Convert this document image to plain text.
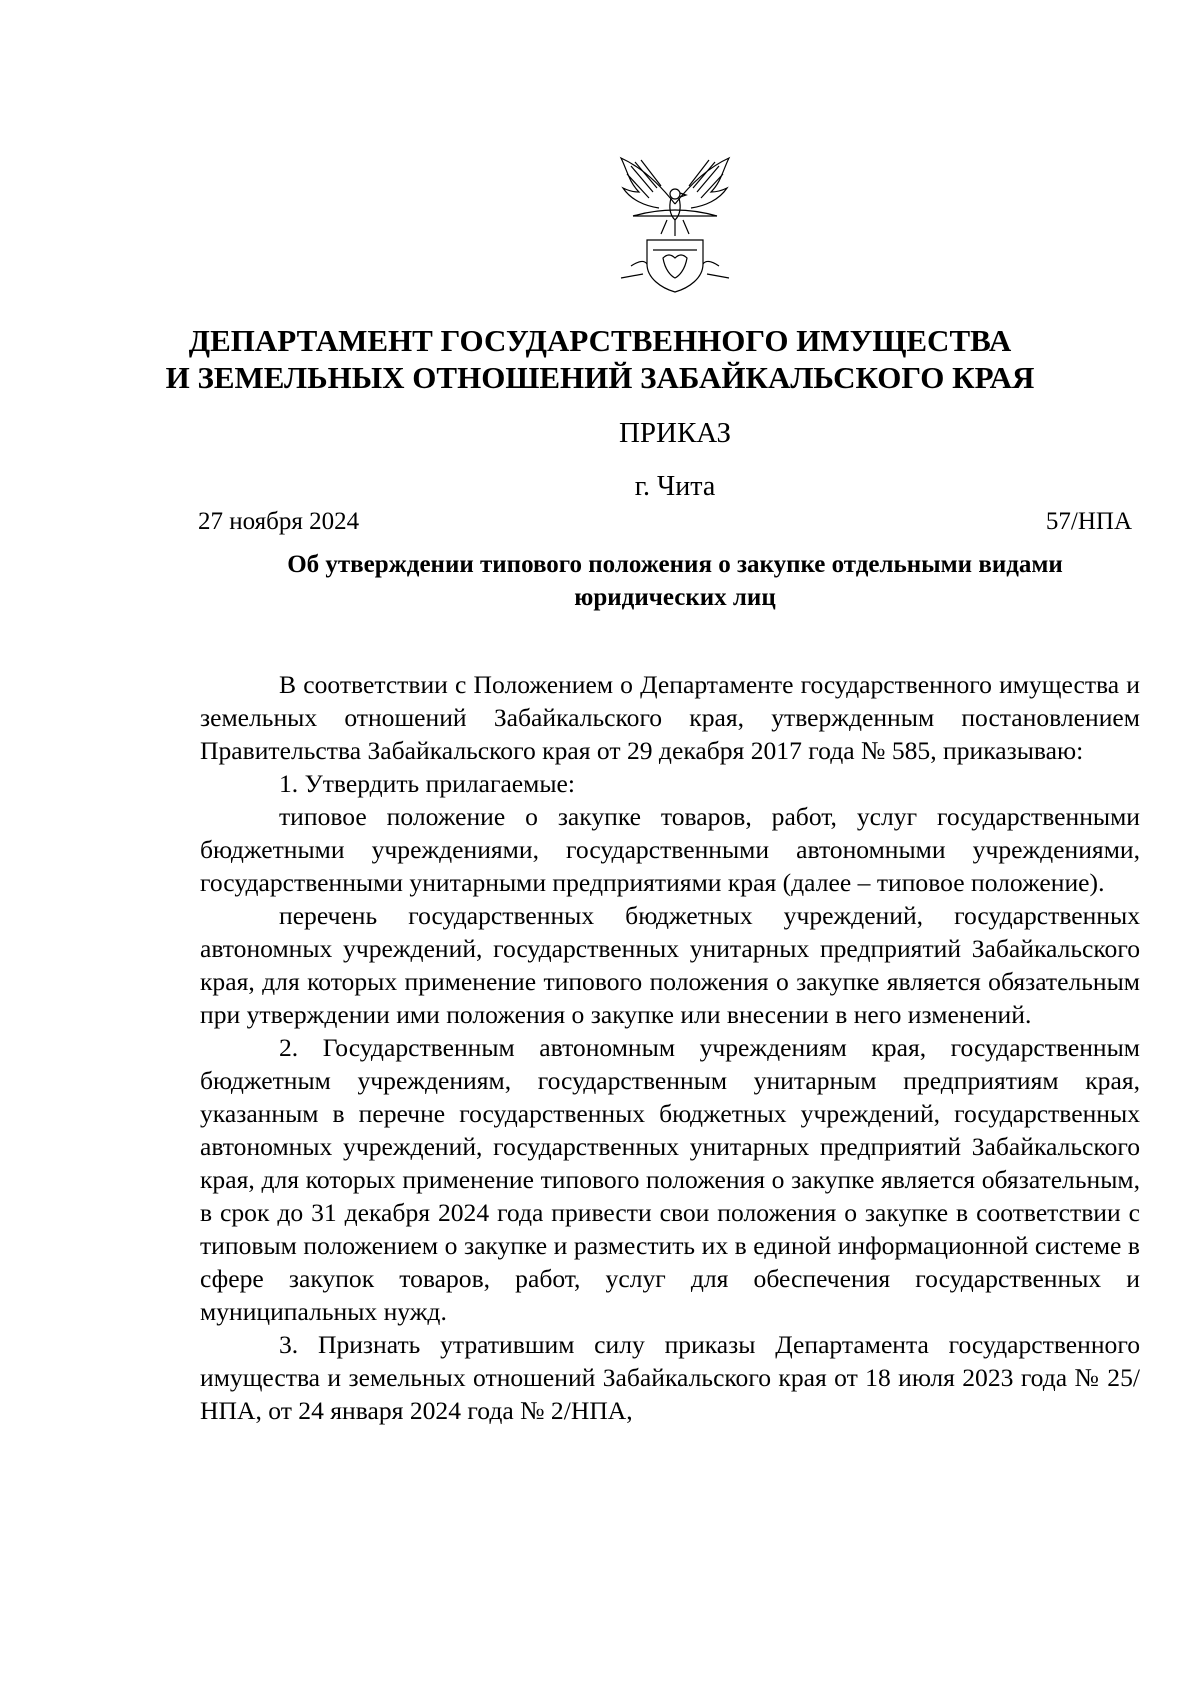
ДЕПАРТАМЕНТ ГОСУДАРСТВЕННОГО ИМУЩЕСТВА
И ЗЕМЕЛЬНЫХ ОТНОШЕНИЙ ЗАБАЙКАЛЬСКОГО КРАЯ
ПРИКАЗ
г. Чита
27 ноября 2024	57/НПА
Об утверждении типового положения о закупке отдельными видами
юридических лиц

В соответствии с Положением о Департаменте государственного имущества и земельных отношений Забайкальского края, утвержденным постановлением Правительства Забайкальского края от 29 декабря 2017 года № 585, приказываю:

1. Утвердить прилагаемые:

типовое положение о закупке товаров, работ, услуг государственными бюджетными учреждениями, государственными автономными учреждениями, государственными унитарными предприятиями края (далее – типовое положение).

перечень государственных бюджетных учреждений, государственных автономных учреждений, государственных унитарных предприятий Забайкальского края, для которых применение типового положения о закупке является обязательным при утверждении ими положения о закупке или внесении в него изменений.

2. Государственным автономным учреждениям края, государственным бюджетным учреждениям, государственным унитарным предприятиям края, указанным в перечне государственных бюджетных учреждений, государственных автономных учреждений, государственных унитарных предприятий Забайкальского края, для которых применение типового положения о закупке является обязательным, в срок до 31 декабря 2024 года привести свои положения о закупке в соответствии с типовым положением о закупке и разместить их в единой информационной системе в сфере закупок товаров, работ, услуг для обеспечения государственных и муниципальных нужд.

3. Признать утратившим силу приказы Департамента государственного имущества и земельных отношений Забайкальского края от 18 июля 2023 года № 25/НПА, от 24 января 2024 года № 2/НПА,
